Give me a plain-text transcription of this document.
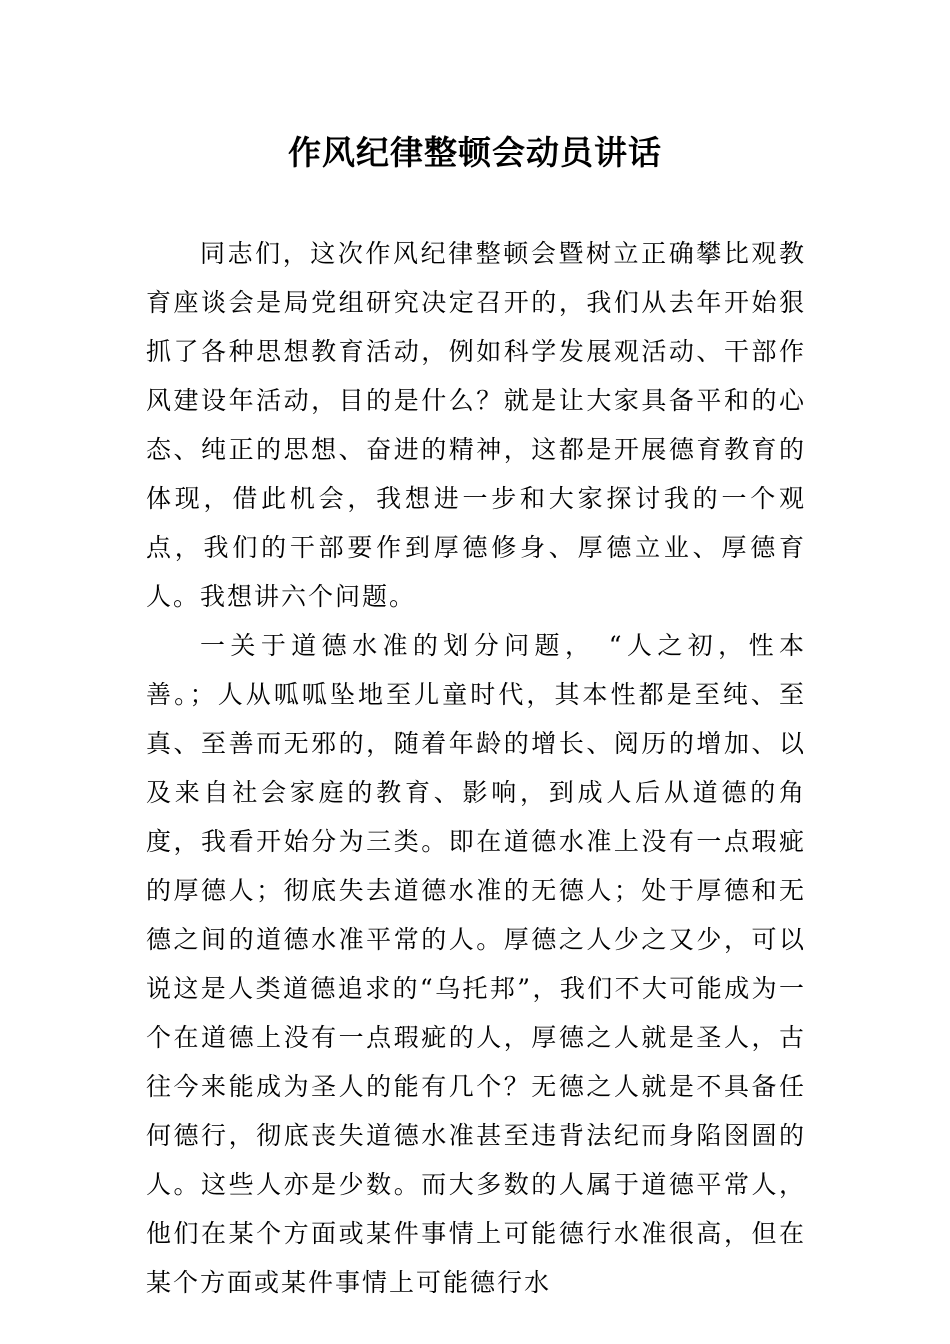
作风纪律整顿会动员讲话

同志们，这次作风纪律整顿会暨树立正确攀比观教育座谈会是局党组研究决定召开的，我们从去年开始狠抓了各种思想教育活动，例如科学发展观活动、干部作风建设年活动，目的是什么？就是让大家具备平和的心态、纯正的思想、奋进的精神，这都是开展德育教育的体现，借此机会，我想进一步和大家探讨我的一个观点，我们的干部要作到厚德修身、厚德立业、厚德育人。我想讲六个问题。

一关于道德水准的划分问题， “人之初，性本善。；人从呱呱坠地至儿童时代，其本性都是至纯、至真、至善而无邪的，随着年龄的增长、阅历的增加、以及来自社会家庭的教育、影响，到成人后从道德的角度，我看开始分为三类。即在道德水准上没有一点瑕疵的厚德人；彻底失去道德水准的无德人；处于厚德和无德之间的道德水准平常的人。厚德之人少之又少，可以说这是人类道德追求的“乌托邦”，我们不大可能成为一个在道德上没有一点瑕疵的人，厚德之人就是圣人，古往今来能成为圣人的能有几个？无德之人就是不具备任何德行，彻底丧失道德水准甚至违背法纪而身陷囹圄的人。这些人亦是少数。而大多数的人属于道德平常人，他们在某个方面或某件事情上可能德行水准很高，但在某个方面或某件事情上可能德行水
